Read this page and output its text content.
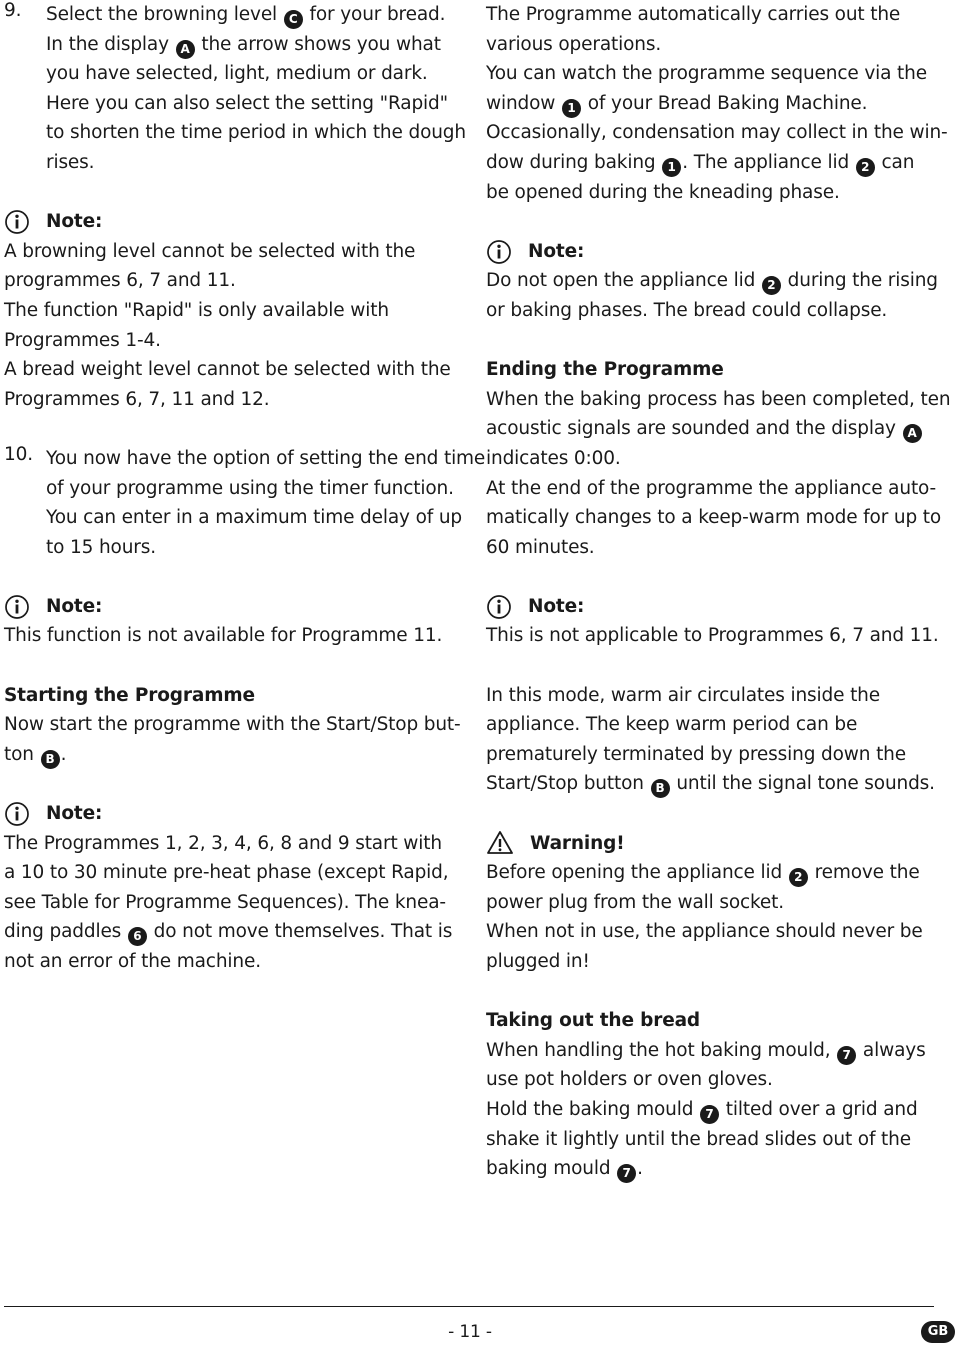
9. Select the browning level C for your bread.
In the display A the arrow shows you what
you have selected, light, medium or dark.
Here you can also select the setting "Rapid"
to shorten the time period in which the dough
rises.
Note:
A browning level cannot be selected with the
programmes 6, 7 and 11.
The function "Rapid" is only available with
Programmes 1-4.
A bread weight level cannot be selected with the
Programmes 6, 7, 11 and 12.
10. You now have the option of setting the end time
of your programme using the timer function.
You can enter in a maximum time delay of up
to 15 hours.
Note:
This function is not available for Programme 11.
Starting the Programme
Now start the programme with the Start/Stop but-
ton B .
Note:
The Programmes 1, 2, 3, 4, 6, 8 and 9 start with
a 10 to 30 minute pre-heat phase (except Rapid,
see Table for Programme Sequences). The knea-
ding paddles 6 do not move themselves. That is
not an error of the machine.
The Programme automatically carries out the
various operations.
You can watch the programme sequence via the
window 1 of your Bread Baking Machine.
Occasionally, condensation may collect in the win-
dow during baking 1 . The appliance lid 2 can
be opened during the kneading phase.
Note:
Do not open the appliance lid 2 during the rising
or baking phases. The bread could collapse.
Ending the Programme
When the baking process has been completed, ten
acoustic signals are sounded and the display A
indicates 0:00.
At the end of the programme the appliance auto-
matically changes to a keep-warm mode for up to
60 minutes.
Note:
This is not applicable to Programmes 6, 7 and 11.
In this mode, warm air circulates inside the
appliance. The keep warm period can be
prematurely terminated by pressing down the
Start/Stop button B until the signal tone sounds.
Warning!
Before opening the appliance lid 2 remove the
power plug from the wall socket.
When not in use, the appliance should never be
plugged in!
Taking out the bread
When handling the hot baking mould, 7 always
use pot holders or oven gloves.
Hold the baking mould 7 tilted over a grid and
shake it lightly until the bread slides out of the
baking mould 7 .
- 11 -	GB
